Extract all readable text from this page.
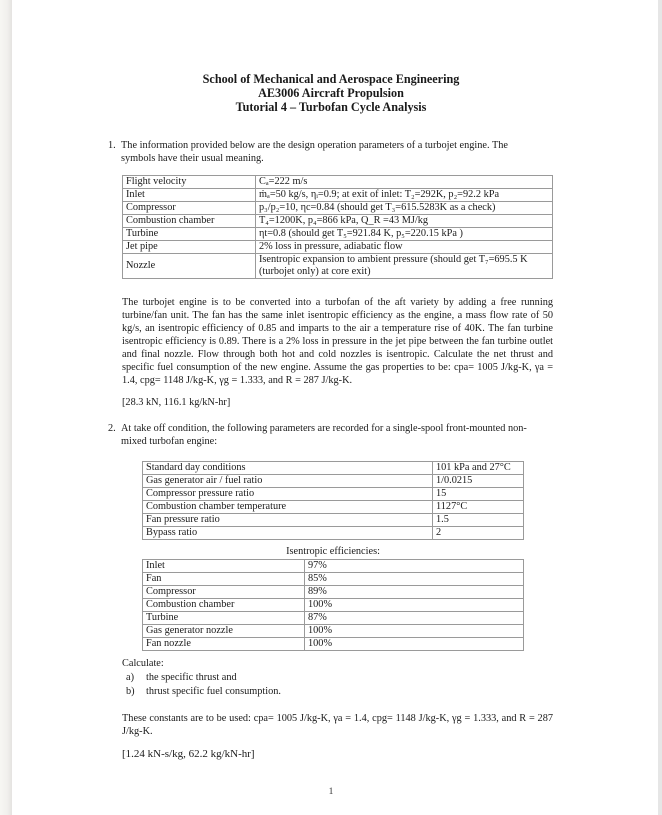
School of Mechanical and Aerospace Engineering
AE3006 Aircraft Propulsion
Tutorial 4 – Turbofan Cycle Analysis
1. The information provided below are the design operation parameters of a turbojet engine. The
symbols have their usual meaning.
Flight velocity	Cₐ=222 m/s
Inlet	ṁₐ=50 kg/s, ηᵢ=0.9; at exit of inlet: T₂=292K, p₂=92.2 kPa
Compressor	p₃/p₂=10, ηc=0.84 (should get T₃=615.5283K as a check)
Combustion chamber	T₄=1200K, p₄=866 kPa, Q_R =43 MJ/kg
Turbine	ηt=0.8 (should get T₅=921.84 K, p₅=220.15 kPa )
Jet pipe	2% loss in pressure, adiabatic flow
Nozzle	Isentropic expansion to ambient pressure (should get T₇=695.5 K (turbojet only) at core exit)
The turbojet engine is to be converted into a turbofan of the aft variety by adding a free running turbine/fan unit. The fan has the same inlet isentropic efficiency as the engine, a mass flow rate of 50 kg/s, an isentropic efficiency of 0.85 and imparts to the air a temperature rise of 40K. The fan turbine isentropic efficiency is 0.89. There is a 2% loss in pressure in the jet pipe between the fan turbine outlet and final nozzle. Flow through both hot and cold nozzles is isentropic. Calculate the net thrust and specific fuel consumption of the new engine. Assume the gas properties to be: cpa= 1005 J/kg-K, γa = 1.4, cpg= 1148 J/kg-K, γg = 1.333, and R = 287 J/kg-K.
[28.3 kN, 116.1 kg/kN-hr]
2. At take off condition, the following parameters are recorded for a single-spool front-mounted non-
mixed turbofan engine:
Standard day conditions	101 kPa and 27°C
Gas generator air / fuel ratio	1/0.0215
Compressor pressure ratio	15
Combustion chamber temperature	1127°C
Fan pressure ratio	1.5
Bypass ratio	2
Isentropic efficiencies:
Inlet	97%
Fan	85%
Compressor	89%
Combustion chamber	100%
Turbine	87%
Gas generator nozzle	100%
Fan nozzle	100%
Calculate:
a) the specific thrust and
b) thrust specific fuel consumption.
These constants are to be used: cpa= 1005 J/kg-K, γa = 1.4, cpg= 1148 J/kg-K, γg = 1.333, and R = 287 J/kg-K.
[1.24 kN-s/kg, 62.2 kg/kN-hr]
1
